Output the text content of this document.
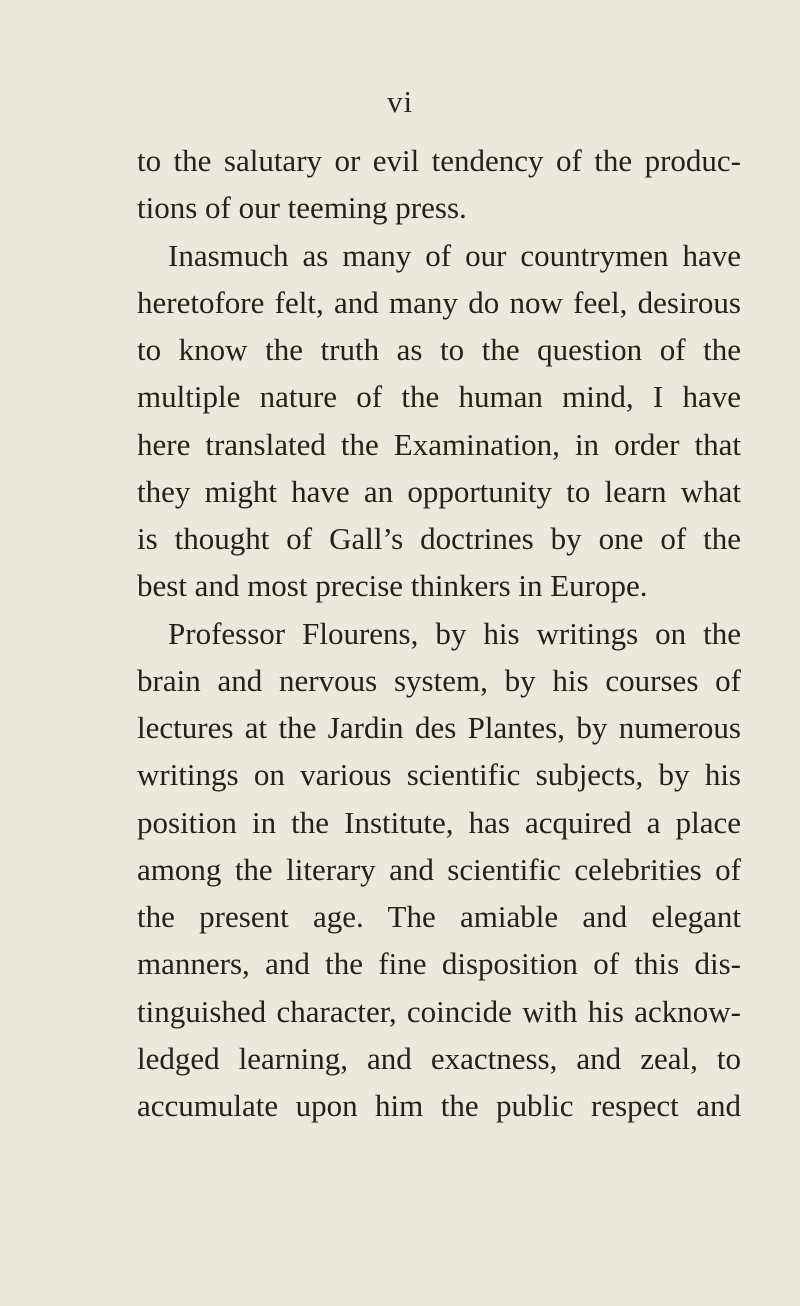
vi
to the salutary or evil tendency of the produc-
tions of our teeming press.
Inasmuch as many of our countrymen have
heretofore felt, and many do now feel, desirous
to know the truth as to the question of the
multiple nature of the human mind, I have
here translated the Examination, in order that
they might have an opportunity to learn what
is thought of Gall’s doctrines by one of the
best and most precise thinkers in Europe.
Professor Flourens, by his writings on the
brain and nervous system, by his courses of
lectures at the Jardin des Plantes, by numerous
writings on various scientific subjects, by his
position in the Institute, has acquired a place
among the literary and scientific celebrities of
the present age. The amiable and elegant
manners, and the fine disposition of this dis-
tinguished character, coincide with his acknow-
ledged learning, and exactness, and zeal, to
accumulate upon him the public respect and
